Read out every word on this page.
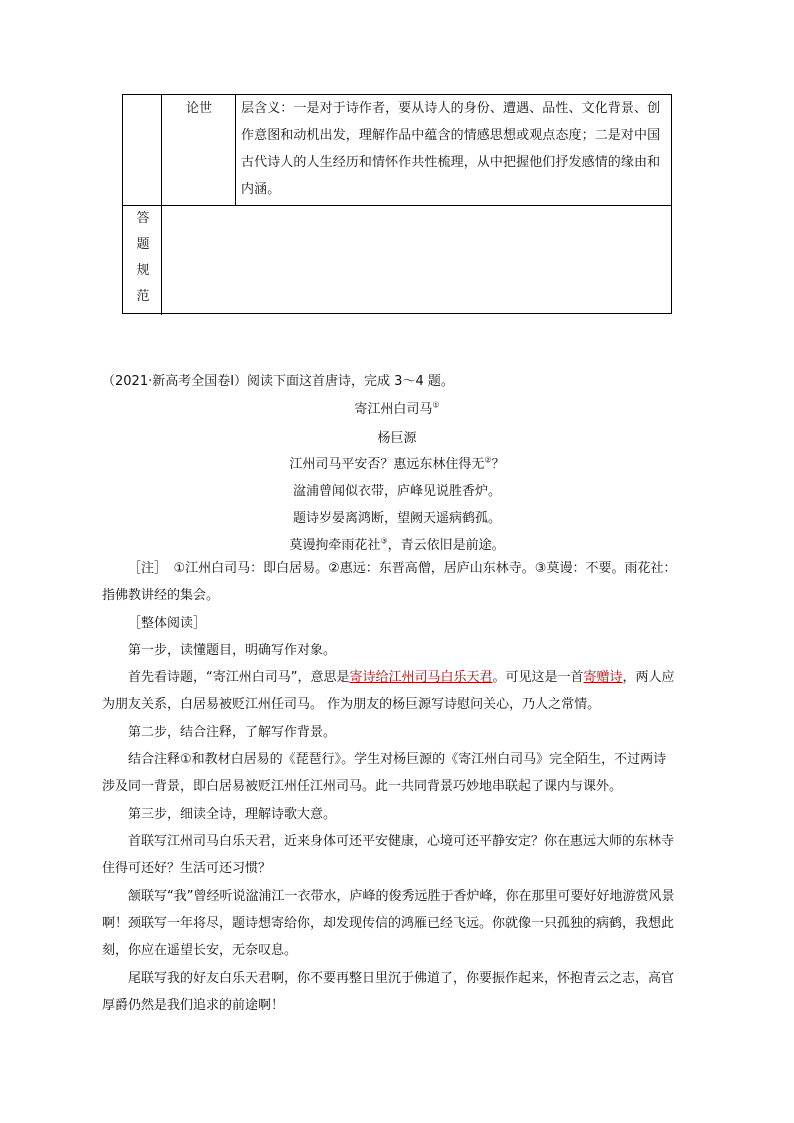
论世 层含义：一是对于诗作者，要从诗人的身份、遭遇、品性、文化背景、创作意图和动机出发，理解作品中蕴含的情感思想或观点态度；二是对中国古代诗人的人生经历和情怀作共性梳理，从中把握他们抒发感情的缘由和内涵。
答
题
规
范
（2021·新高考全国卷Ⅰ）阅读下面这首唐诗，完成 3～4 题。
寄江州白司马①
杨巨源
江州司马平安否？惠远东林住得无②？
湓浦曾闻似衣带，庐峰见说胜香炉。
题诗岁晏离鸿断，望阙天遥病鹤孤。
莫谩拘牵雨花社③，青云依旧是前途。
［注］　①江州白司马：即白居易。②惠远：东晋高僧，居庐山东林寺。③莫谩：不要。雨花社：指佛教讲经的集会。
［整体阅读］
第一步，读懂题目，明确写作对象。
首先看诗题，“寄江州白司马”，意思是寄诗给江州司马白乐天君。可见这是一首寄赠诗，两人应为朋友关系，白居易被贬江州任司马。 作为朋友的杨巨源写诗慰问关心，乃人之常情。
第二步，结合注释，了解写作背景。
结合注释①和教材白居易的《琵琶行》。学生对杨巨源的《寄江州白司马》完全陌生，不过两诗涉及同一背景，即白居易被贬江州任江州司马。此一共同背景巧妙地串联起了课内与课外。
第三步，细读全诗，理解诗歌大意。
首联写江州司马白乐天君，近来身体可还平安健康，心境可还平静安定？你在惠远大师的东林寺住得可还好？生活可还习惯？
颔联写“我”曾经听说湓浦江一衣带水，庐峰的俊秀远胜于香炉峰，你在那里可要好好地游赏风景啊！ 颈联写一年将尽，题诗想寄给你，却发现传信的鸿雁已经飞远。你就像一只孤独的病鹤，我想此刻，你应在遥望长安，无奈叹息。
尾联写我的好友白乐天君啊，你不要再整日里沉于佛道了，你要振作起来，怀抱青云之志，高官厚爵仍然是我们追求的前途啊！
